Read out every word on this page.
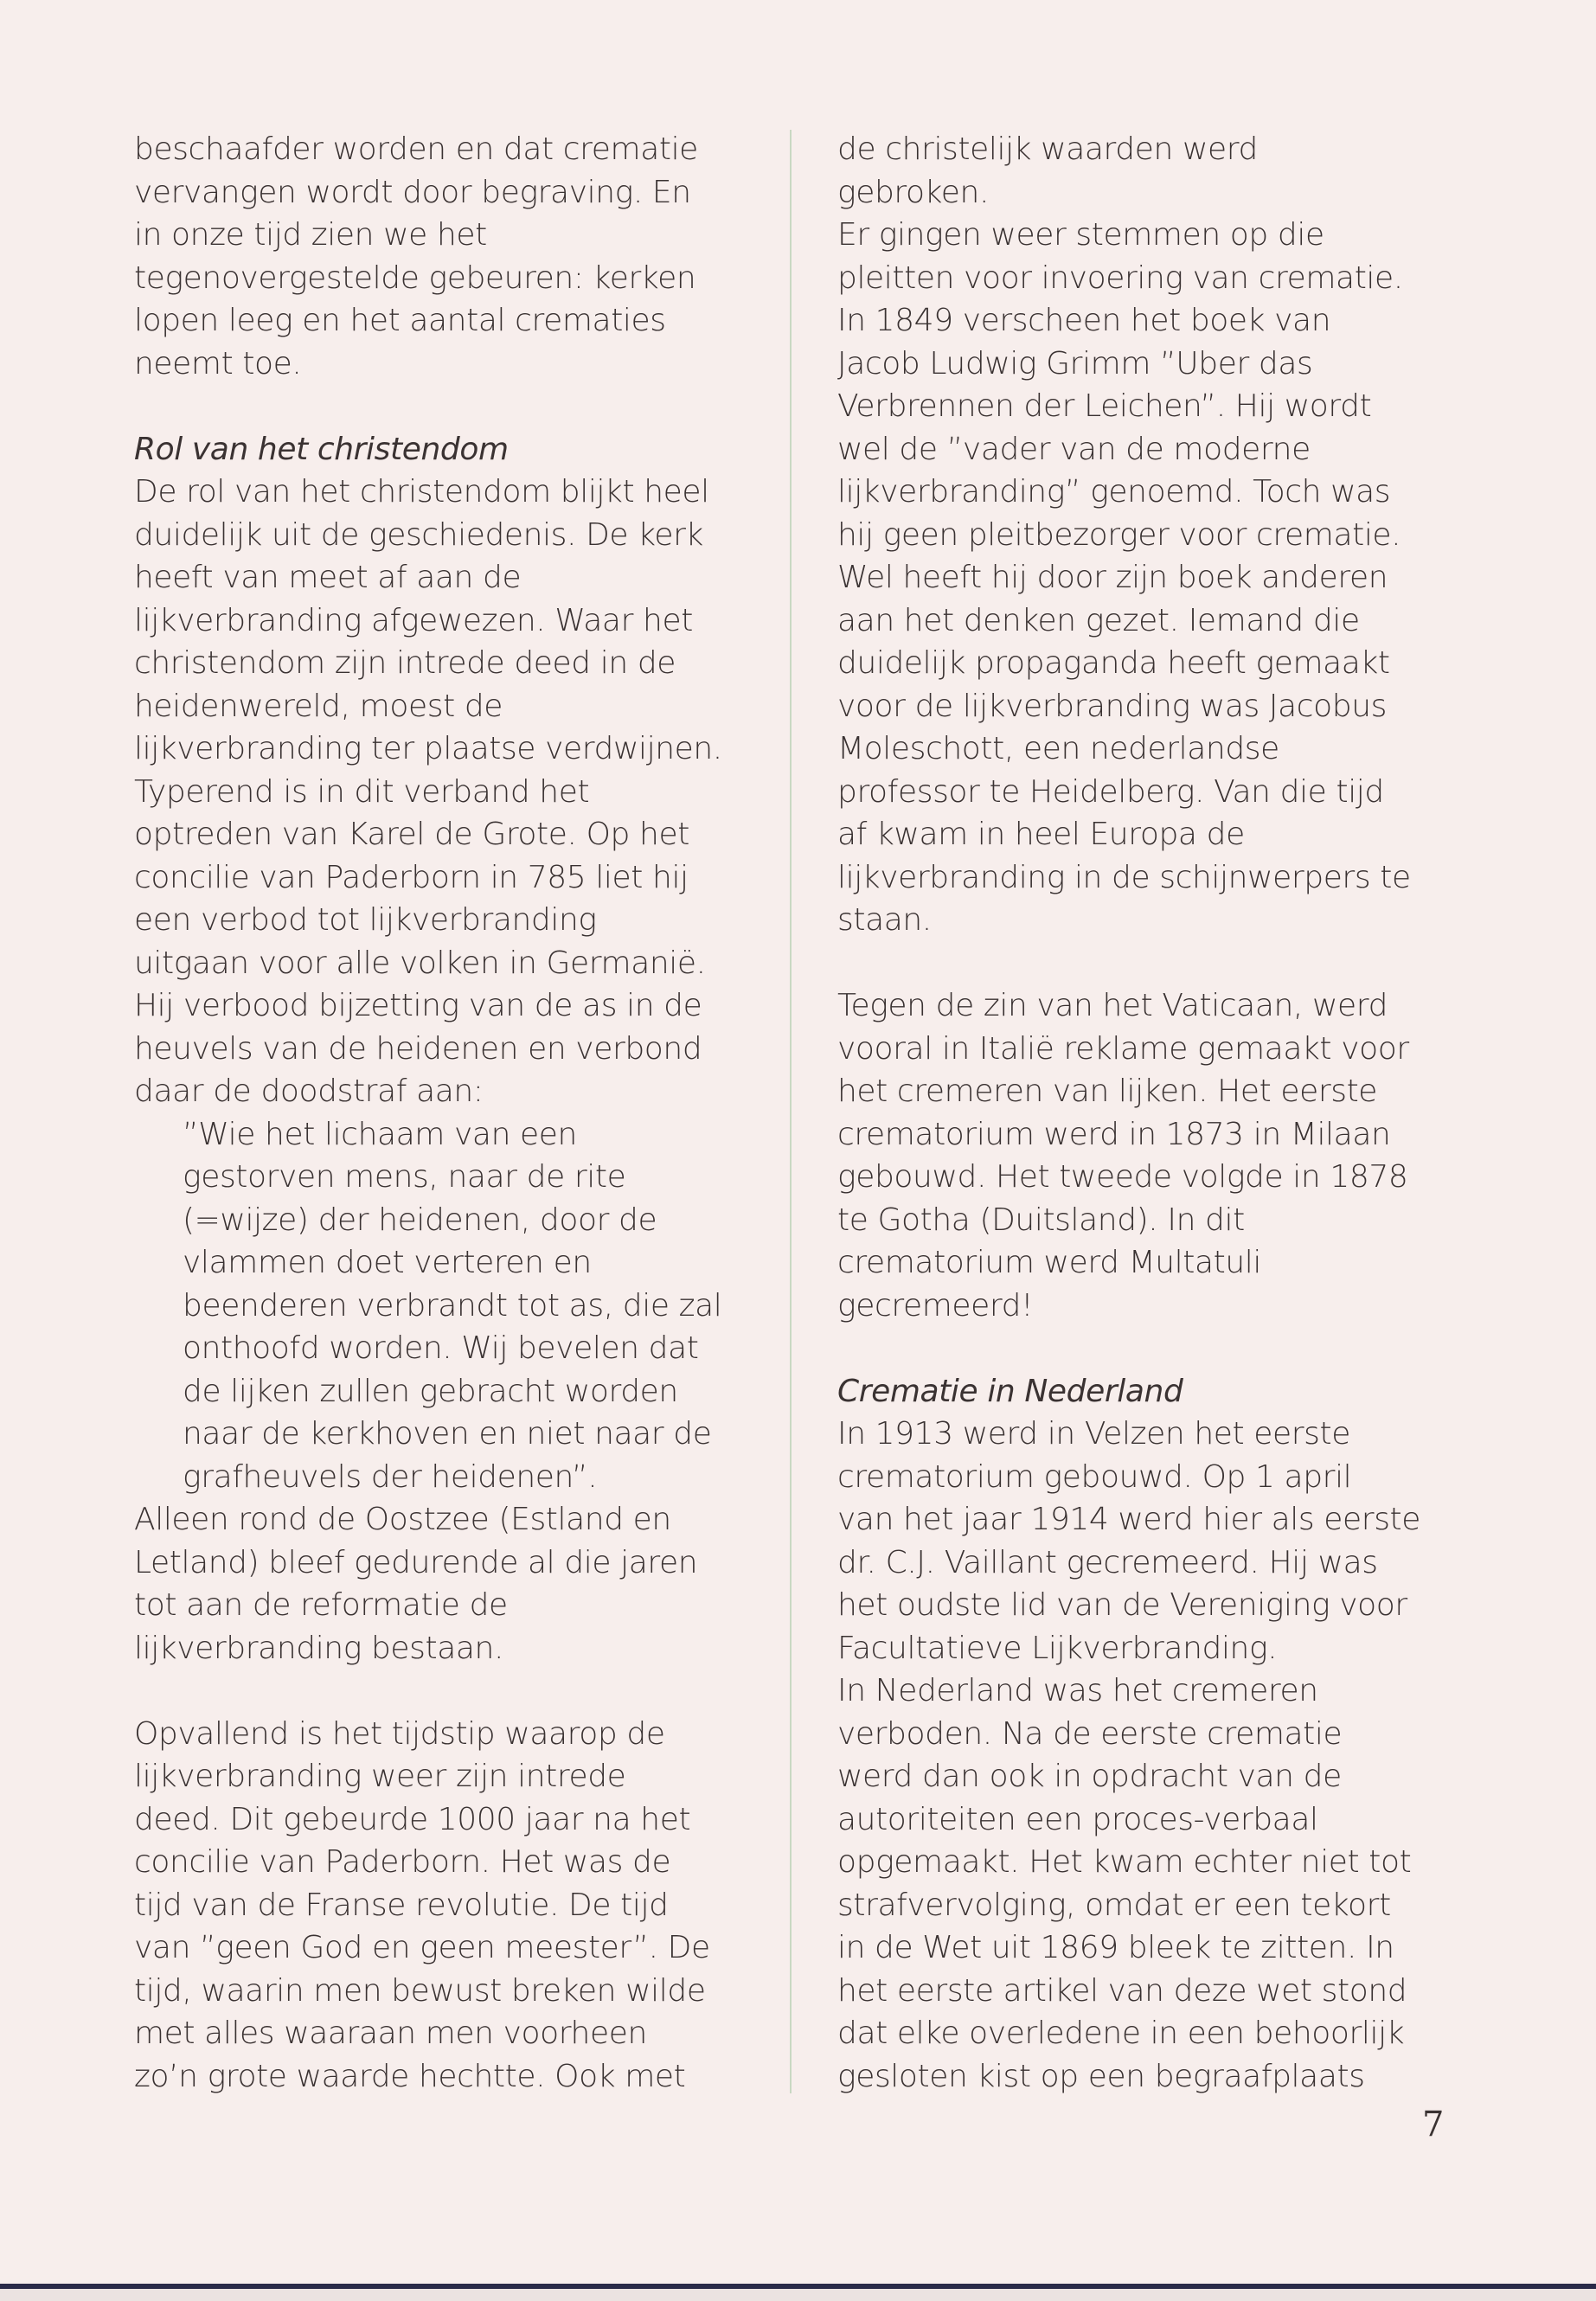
beschaafder worden en dat crematie
vervangen wordt door begraving. En
in onze tijd zien we het
tegenovergestelde gebeuren: kerken
lopen leeg en het aantal crematies
neemt toe.
Rol van het christendom
De rol van het christendom blijkt heel
duidelijk uit de geschiedenis. De kerk
heeft van meet af aan de
lijkverbranding afgewezen. Waar het
christendom zijn intrede deed in de
heidenwereld, moest de
lijkverbranding ter plaatse verdwijnen.
Typerend is in dit verband het
optreden van Karel de Grote. Op het
concilie van Paderborn in 785 liet hij
een verbod tot lijkverbranding
uitgaan voor alle volken in Germanië.
Hij verbood bijzetting van de as in de
heuvels van de heidenen en verbond
daar de doodstraf aan:
”Wie het lichaam van een
gestorven mens, naar de rite
(=wijze) der heidenen, door de
vlammen doet verteren en
beenderen verbrandt tot as, die zal
onthoofd worden. Wij bevelen dat
de lijken zullen gebracht worden
naar de kerkhoven en niet naar de
grafheuvels der heidenen”.
Alleen rond de Oostzee (Estland en
Letland) bleef gedurende al die jaren
tot aan de reformatie de
lijkverbranding bestaan.
Opvallend is het tijdstip waarop de
lijkverbranding weer zijn intrede
deed. Dit gebeurde 1000 jaar na het
concilie van Paderborn. Het was de
tijd van de Franse revolutie. De tijd
van ”geen God en geen meester”. De
tijd, waarin men bewust breken wilde
met alles waaraan men voorheen
zo’n grote waarde hechtte. Ook met
de christelijk waarden werd
gebroken.
Er gingen weer stemmen op die
pleitten voor invoering van crematie.
In 1849 verscheen het boek van
Jacob Ludwig Grimm ”Uber das
Verbrennen der Leichen”. Hij wordt
wel de ”vader van de moderne
lijkverbranding” genoemd. Toch was
hij geen pleitbezorger voor crematie.
Wel heeft hij door zijn boek anderen
aan het denken gezet. Iemand die
duidelijk propaganda heeft gemaakt
voor de lijkverbranding was Jacobus
Moleschott, een nederlandse
professor te Heidelberg. Van die tijd
af kwam in heel Europa de
lijkverbranding in de schijnwerpers te
staan.
Tegen de zin van het Vaticaan, werd
vooral in Italië reklame gemaakt voor
het cremeren van lijken. Het eerste
crematorium werd in 1873 in Milaan
gebouwd. Het tweede volgde in 1878
te Gotha (Duitsland). In dit
crematorium werd Multatuli
gecremeerd!
Crematie in Nederland
In 1913 werd in Velzen het eerste
crematorium gebouwd. Op 1 april
van het jaar 1914 werd hier als eerste
dr. C.J. Vaillant gecremeerd. Hij was
het oudste lid van de Vereniging voor
Facultatieve Lijkverbranding.
In Nederland was het cremeren
verboden. Na de eerste crematie
werd dan ook in opdracht van de
autoriteiten een proces-verbaal
opgemaakt. Het kwam echter niet tot
strafvervolging, omdat er een tekort
in de Wet uit 1869 bleek te zitten. In
het eerste artikel van deze wet stond
dat elke overledene in een behoorlijk
gesloten kist op een begraafplaats
7
